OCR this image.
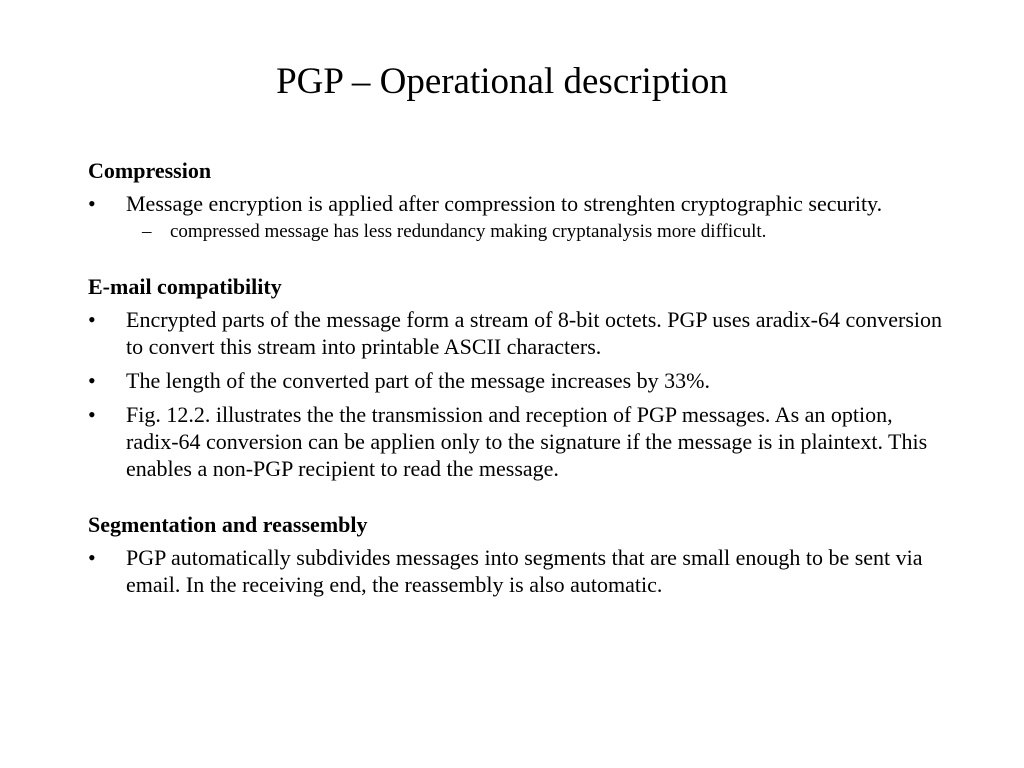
PGP – Operational description

Compression

• Message encryption is applied after compression to strenghten cryptographic security.
– compressed message has less redundancy making cryptanalysis more difficult.

E-mail compatibility

• Encrypted parts of the message form a stream of 8-bit octets. PGP uses aradix-64 conversion to convert this stream into printable ASCII characters.
• The length of the converted part of the message increases by 33%.
• Fig. 12.2. illustrates the the transmission and reception of PGP messages. As an option, radix-64 conversion can be applien only to the signature if the message is in plaintext. This enables a non-PGP recipient to read the message.

Segmentation and reassembly

• PGP automatically subdivides messages into segments that are small enough to be sent via email. In the receiving end, the reassembly is also automatic.
